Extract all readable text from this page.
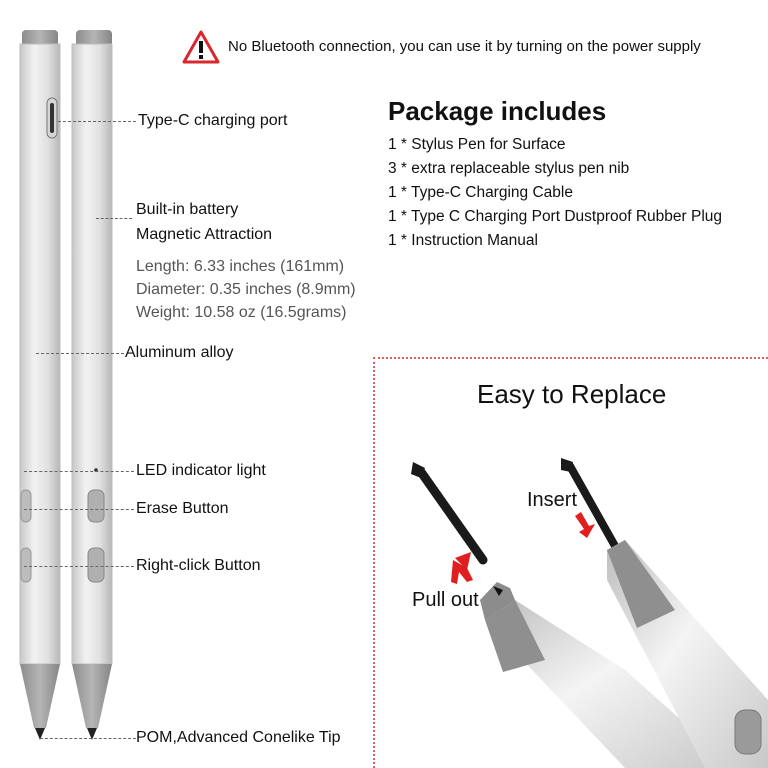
No Bluetooth connection, you can use it by turning on the power supply
Type-C charging port
Built-in battery
Magnetic Attraction
Length: 6.33 inches (161mm)
Diameter: 0.35 inches (8.9mm)
Weight: 10.58 oz (16.5grams)
Aluminum alloy
LED indicator light
Erase Button
Right-click Button
POM,Advanced Conelike Tip
Package includes
1 * Stylus Pen for Surface
3 * extra replaceable stylus pen nib
1 * Type-C Charging Cable
1 * Type C Charging Port Dustproof Rubber Plug
1 * Instruction Manual
Easy to Replace
Insert
Pull out
